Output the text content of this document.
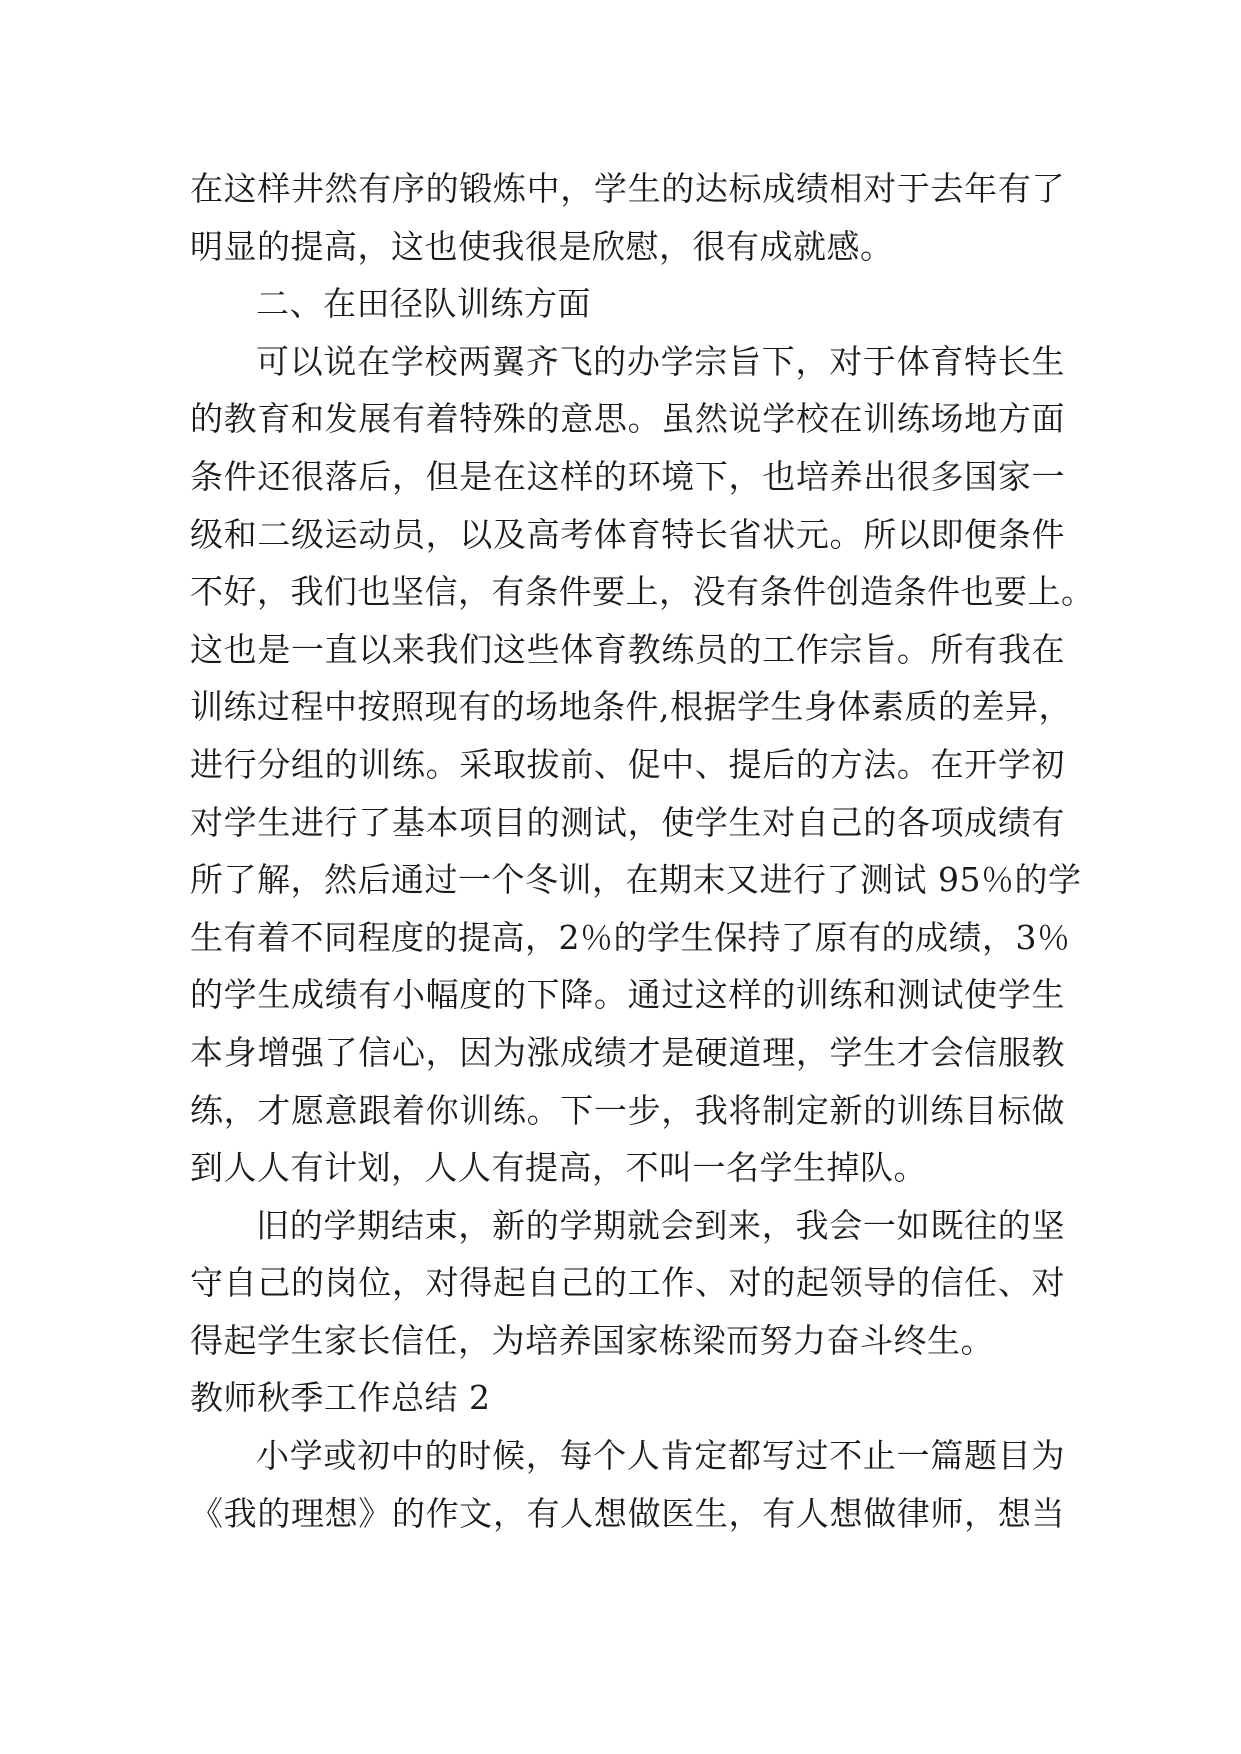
在这样井然有序的锻炼中，学生的达标成绩相对于去年有了
明显的提高，这也使我很是欣慰，很有成就感。
二、在田径队训练方面
可以说在学校两翼齐飞的办学宗旨下，对于体育特长生
的教育和发展有着特殊的意思。虽然说学校在训练场地方面
条件还很落后，但是在这样的环境下，也培养出很多国家一
级和二级运动员，以及高考体育特长省状元。所以即便条件
不好，我们也坚信，有条件要上，没有条件创造条件也要上。
这也是一直以来我们这些体育教练员的工作宗旨。所有我在
训练过程中按照现有的场地条件,根据学生身体素质的差异，
进行分组的训练。采取拔前、促中、提后的方法。在开学初
对学生进行了基本项目的测试，使学生对自己的各项成绩有
所了解，然后通过一个冬训，在期末又进行了测试 95％的学
生有着不同程度的提高，2％的学生保持了原有的成绩，3％
的学生成绩有小幅度的下降。通过这样的训练和测试使学生
本身增强了信心，因为涨成绩才是硬道理，学生才会信服教
练，才愿意跟着你训练。下一步，我将制定新的训练目标做
到人人有计划，人人有提高，不叫一名学生掉队。
旧的学期结束，新的学期就会到来，我会一如既往的坚
守自己的岗位，对得起自己的工作、对的起领导的信任、对
得起学生家长信任，为培养国家栋梁而努力奋斗终生。
教师秋季工作总结 2
小学或初中的时候，每个人肯定都写过不止一篇题目为
《我的理想》的作文，有人想做医生，有人想做律师，想当
